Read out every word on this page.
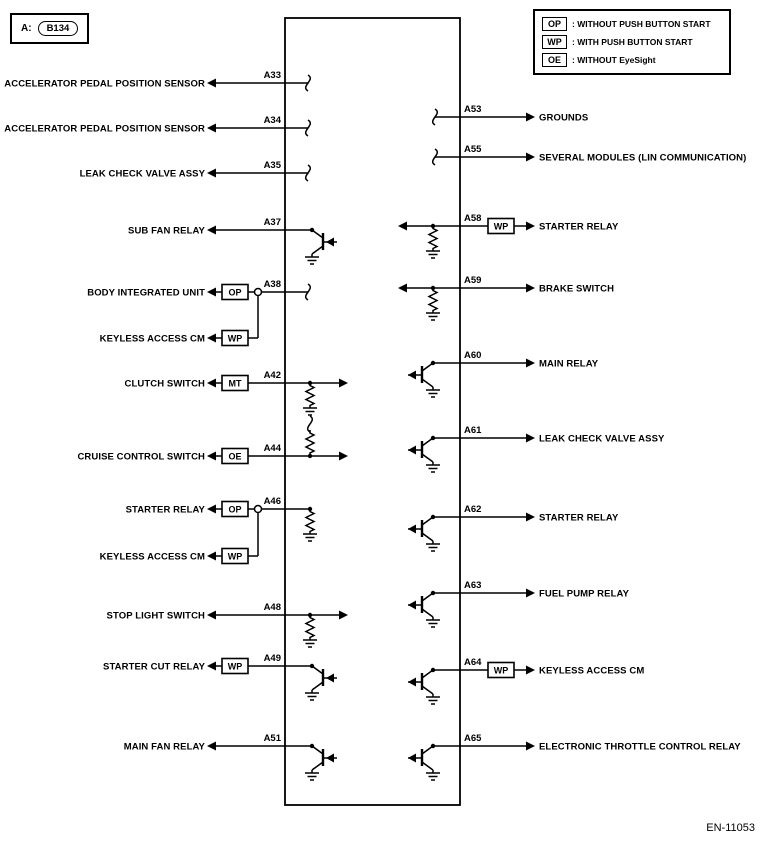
ACCELERATOR PEDAL POSITION SENSOR
A33
ACCELERATOR PEDAL POSITION SENSOR
A34
LEAK CHECK VALVE ASSY
A35
SUB FAN RELAY
A37
BODY INTEGRATED UNIT	OP
A38
WP
KEYLESS ACCESS CM
CLUTCH SWITCH	MT
A42
CRUISE CONTROL SWITCH	OE
A44
STARTER RELAY	OP
A46
WP
KEYLESS ACCESS CM
STOP LIGHT SWITCH
A48
STARTER CUT RELAY	WP
A49
MAIN FAN RELAY
A51
A53
GROUNDS
A55
SEVERAL MODULES (LIN COMMUNICATION)
A58
WP	STARTER RELAY
A59
BRAKE SWITCH
A60
MAIN RELAY
A61
LEAK CHECK VALVE ASSY
A62
STARTER RELAY
A63
FUEL PUMP RELAY
A64
WP	KEYLESS ACCESS CM
A65
ELECTRONIC THROTTLE CONTROL RELAY
A:	B134	OP	: WITHOUT PUSH BUTTON START
WP	: WITH PUSH BUTTON START
OE	: WITHOUT EyeSight
EN-11053
